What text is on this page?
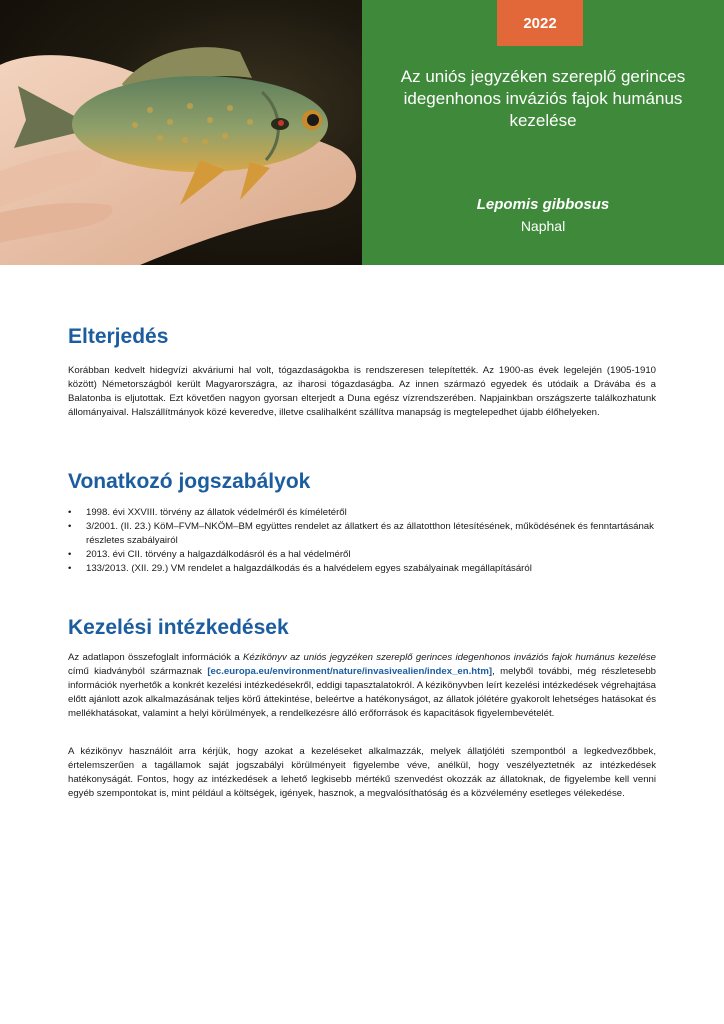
2022
Az uniós jegyzéken szereplő gerinces idegenhonos inváziós fajok humánus kezelése
Lepomis gibbosus
Naphal
Elterjedés

Korábban kedvelt hidegvízi akváriumi hal volt, tógazdaságokba is rendszeresen telepítették. Az 1900-as évek legelején (1905-1910 között) Németországból került Magyarországra, az iharosi tógazdaságba. Az innen származó egyedek és utódaik a Drávába és a Balatonba is eljutottak. Ezt követően nagyon gyorsan elterjedt a Duna egész vízrendszerében. Napjainkban országszerte találkozhatunk állományaival. Halszállítmányok közé keveredve, illetve csalihalként szállítva manapság is megtelepedhet újabb élőhelyeken.

Vonatkozó jogszabályok
• 1998. évi XXVIII. törvény az állatok védelméről és kíméletéről
• 3/2001. (II. 23.) KöM–FVM–NKÖM–BM együttes rendelet az állatkert és az állatotthon létesítésének, működésének és fenntartásának részletes szabályairól
• 2013. évi CII. törvény a halgazdálkodásról és a hal védelméről
• 133/2013. (XII. 29.) VM rendelet a halgazdálkodás és a halvédelem egyes szabályainak megállapításáról
Kezelési intézkedések

Az adatlapon összefoglalt információk a Kézikönyv az uniós jegyzéken szereplő gerinces idegenhonos inváziós fajok humánus kezelése című kiadványból származnak [ec.europa.eu/environment/nature/invasivealien/index_en.htm], melyből további, még részletesebb információk nyerhetők a konkrét kezelési intézkedésekről, eddigi tapasztalatokról. A kézikönyvben leírt kezelési intézkedések végrehajtása előtt ajánlott azok alkalmazásának teljes körű áttekintése, beleértve a hatékonyságot, az állatok jólétére gyakorolt lehetséges hatásokat és mellékhatásokat, valamint a helyi körülmények, a rendelkezésre álló erőforrások és kapacitások figyelembevételét.

A kézikönyv használóit arra kérjük, hogy azokat a kezeléseket alkalmazzák, melyek állatjóléti szempontból a legkedvezőbbek, értelemszerűen a tagállamok saját jogszabályi körülményeit figyelembe véve, anélkül, hogy veszélyeztetnék az intézkedések hatékonyságát. Fontos, hogy az intézkedések a lehető legkisebb mértékű szenvedést okozzák az állatoknak, de figyelembe kell venni egyéb szempontokat is, mint például a költségek, igények, hasznok, a megvalósíthatóság és a közvélemény esetleges vélekedése.
